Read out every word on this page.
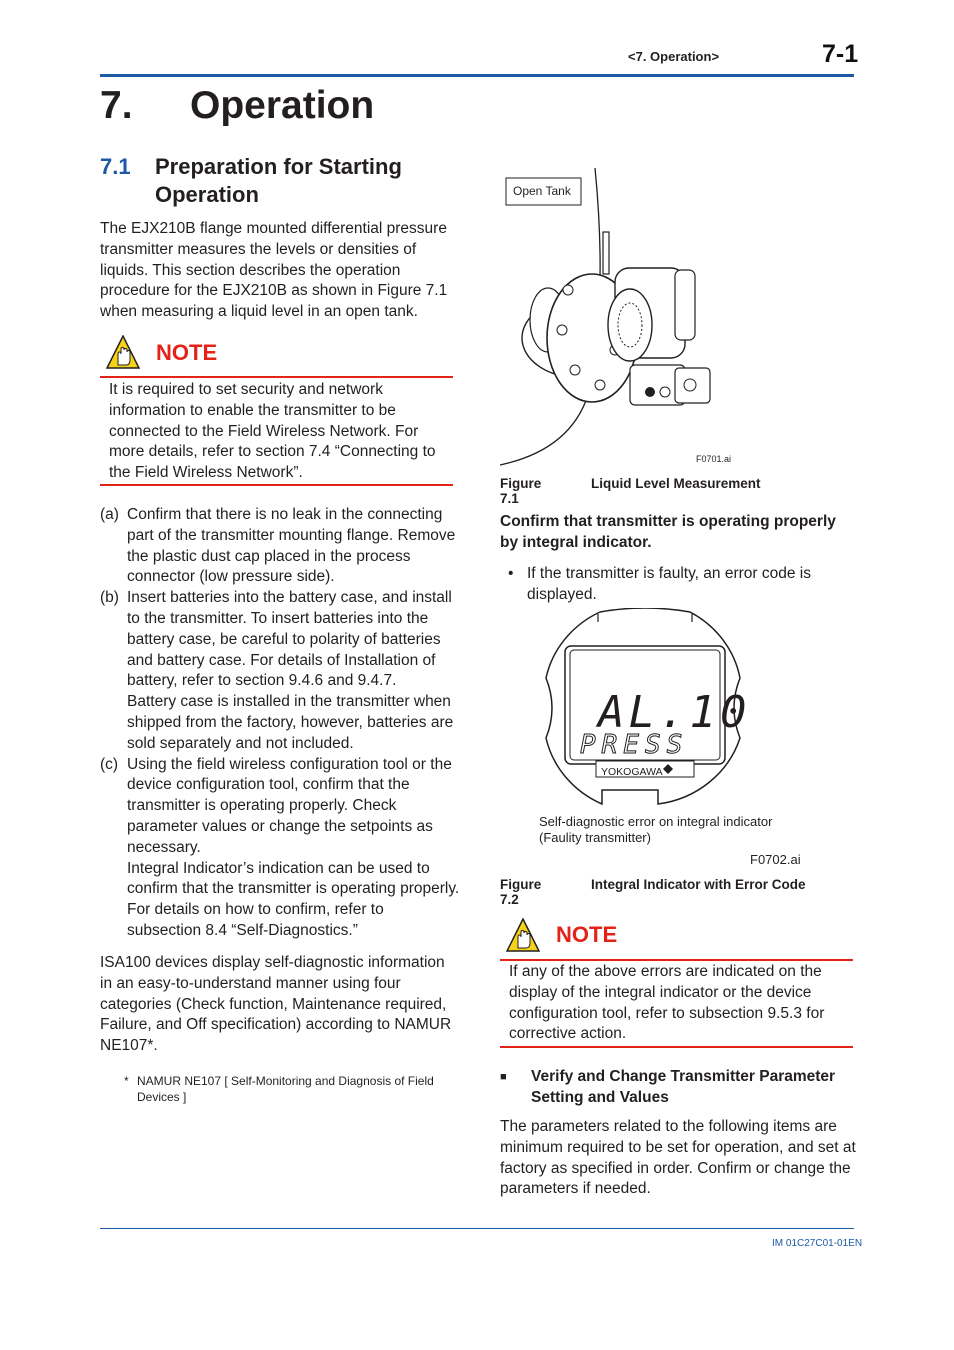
<7. Operation>	7-1
7. Operation
7.1 Preparation for Starting Operation

The EJX210B flange mounted differential pressure transmitter measures the levels or densities of liquids. This section describes the operation procedure for the EJX210B as shown in Figure 7.1 when measuring a liquid level in an open tank.

NOTE

It is required to set security and network information to enable the transmitter to be connected to the Field Wireless Network. For more details, refer to section 7.4 “Connecting to the Field Wireless Network”.

(a) Confirm that there is no leak in the connecting part of the transmitter mounting flange. Remove the plastic dust cap placed in the process connector (low pressure side).
(b) Insert batteries into the battery case, and install to the transmitter. To insert batteries into the battery case, be careful to polarity of batteries and battery case. For details of Installation of battery, refer to section 9.4.6 and 9.4.7.
Battery case is installed in the transmitter when shipped from the factory, however, batteries are sold separately and not included.
(c) Using the field wireless configuration tool or the device configuration tool, confirm that the transmitter is operating properly. Check parameter values or change the setpoints as necessary.
Integral Indicator’s indication can be used to confirm that the transmitter is operating properly. For details on how to confirm, refer to subsection 8.4 “Self-Diagnostics.”

ISA100 devices display self-diagnostic information in an easy-to-understand manner using four categories (Check function, Maintenance required, Failure, and Off specification) according to NAMUR NE107*.

* NAMUR NE107 [ Self-Monitoring and Diagnosis of Field Devices ]
Open Tank
F0701.ai
Figure 7.1
Liquid Level Measurement

Confirm that transmitter is operating properly by integral indicator.

• If the transmitter is faulty, an error code is displayed.
AL.10
PRESS
YOKOGAWA
Self-diagnostic error on integral indicator
(Faulity transmitter)
F0702.ai
Figure 7.2
Integral Indicator with Error Code
NOTE

If any of the above errors are indicated on the display of the integral indicator or the device configuration tool, refer to subsection 9.5.3 for corrective action.

■	Verify and Change Transmitter Parameter Setting and Values

The parameters related to the following items are minimum required to be set for operation, and set at factory as specified in order. Confirm or change the parameters if needed.

IM 01C27C01-01EN
